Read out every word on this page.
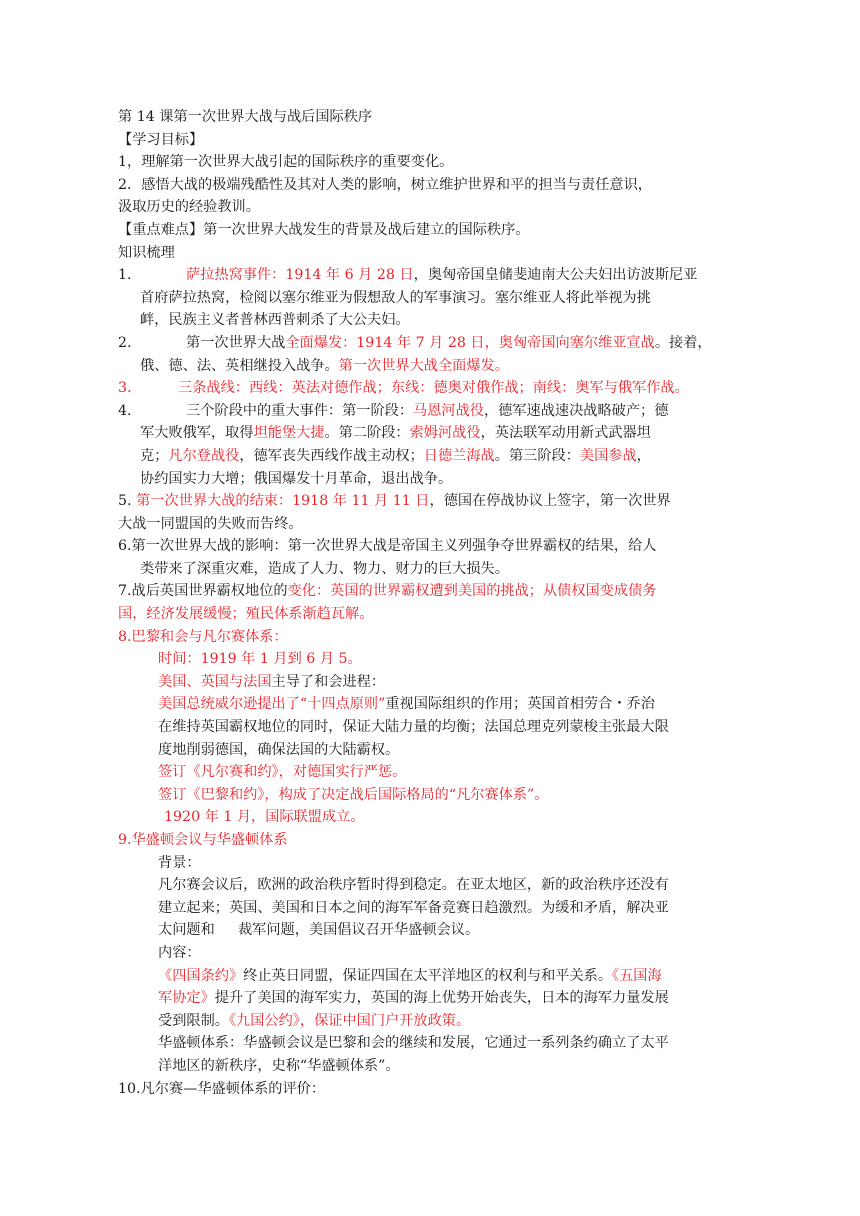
第 14 课第一次世界大战与战后国际秩序
【学习目标】
1，理解第一次世界大战引起的国际秩序的重要变化。
2．感悟大战的极端残酷性及其对人类的影响，树立维护世界和平的担当与责任意识，
汲取历史的经验教训。
【重点难点】第一次世界大战发生的背景及战后建立的国际秩序。
知识梳理
1.	萨拉热窝事件：1914 年 6 月 28 日，奥匈帝国皇储斐迪南大公夫妇出访波斯尼亚
首府萨拉热窝，检阅以塞尔维亚为假想敌人的军事演习。塞尔维亚人将此举视为挑
衅，民族主义者普林西普刺杀了大公夫妇。
2.	第一次世界大战全面爆发：1914 年 7 月 28 日，奥匈帝国向塞尔维亚宣战。接着，
俄、德、法、英相继投入战争。第一次世界大战全面爆发。
3.	三条战线：西线：英法对德作战；东线：德奥对俄作战；南线：奥军与俄军作战。
4.	三个阶段中的重大事件：第一阶段：马恩河战役，德军速战速决战略破产；德
军大败俄军，取得坦能堡大捷。第二阶段：索姆河战役，英法联军动用新式武器坦
克；凡尔登战役，德军丧失西线作战主动权；日德兰海战。第三阶段：美国参战，
协约国实力大增；俄国爆发十月革命，退出战争。
5. 第一次世界大战的结束：1918 年 11 月 11 日，德国在停战协议上签字，第一次世界
大战一同盟国的失败而告终。
6.第一次世界大战的影响：第一次世界大战是帝国主义列强争夺世界霸权的结果，给人
类带来了深重灾难，造成了人力、物力、财力的巨大损失。
7.战后英国世界霸权地位的变化：英国的世界霸权遭到美国的挑战；从债权国变成债务
国，经济发展缓慢；殖民体系渐趋瓦解。
8.巴黎和会与凡尔赛体系：
时间：1919 年 1 月到 6 月 5。
美国、英国与法国主导了和会进程：
美国总统威尔逊提出了“十四点原则”重视国际组织的作用；英国首相劳合・乔治
在维持英国霸权地位的同时，保证大陆力量的均衡；法国总理克列蒙梭主张最大限
度地削弱德国，确保法国的大陆霸权。
签订《凡尔赛和约》，对德国实行严惩。
签订《巴黎和约》，构成了决定战后国际格局的“凡尔赛体系”。
1920 年 1 月，国际联盟成立。
9.华盛顿会议与华盛顿体系
背景：
凡尔赛会议后，欧洲的政治秩序暂时得到稳定。在亚太地区，新的政治秩序还没有
建立起来；英国、美国和日本之间的海军军备竞赛日趋激烈。为缓和矛盾，解决亚
太问题和　  裁军问题，美国倡议召开华盛顿会议。
内容：
《四国条约》终止英日同盟，保证四国在太平洋地区的权利与和平关系。《五国海
军协定》提升了美国的海军实力，英国的海上优势开始丧失，日本的海军力量发展
受到限制。《九国公约》，保证中国门户开放政策。
华盛顿体系：华盛顿会议是巴黎和会的继续和发展，它通过一系列条约确立了太平
洋地区的新秩序，史称“华盛顿体系”。
10.凡尔赛—华盛顿体系的评价：
